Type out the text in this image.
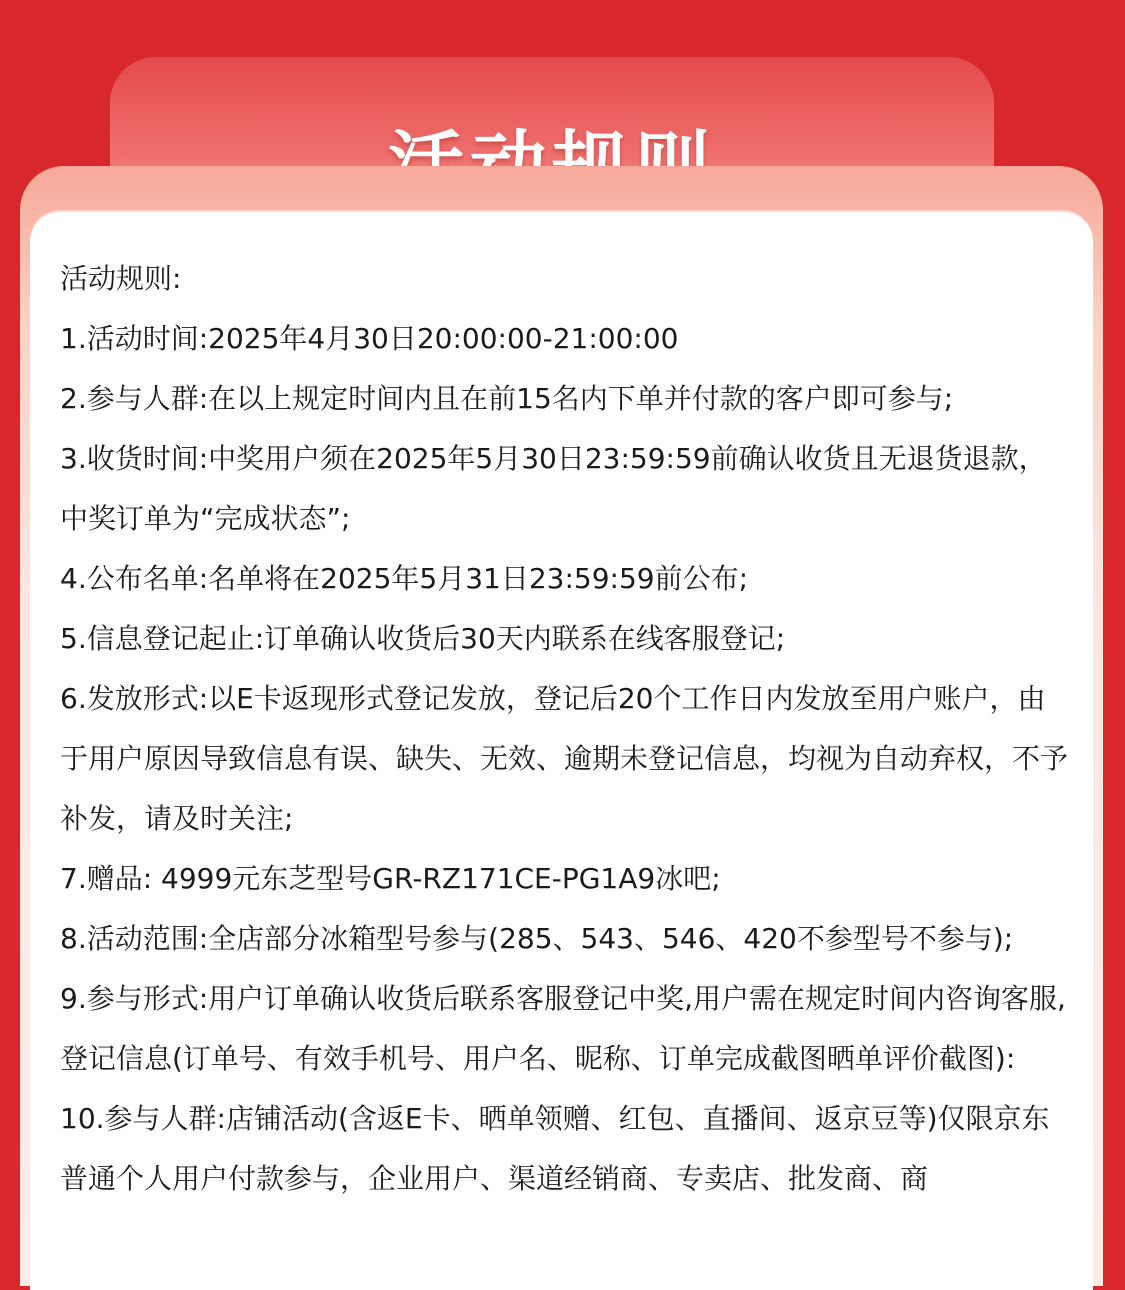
活动规则:

1.活动时间:2025年4月30日20:00:00-21:00:00

2.参与人群:在以上规定时间内且在前15名内下单并付款的客户即可参与;

3.收货时间:中奖用户须在2025年5月30日23:59:59前确认收货且无退货退款，中奖订单为“完成状态”;

4.公布名单:名单将在2025年5月31日23:59:59前公布;

5.信息登记起止:订单确认收货后30天内联系在线客服登记;

6.发放形式:以E卡返现形式登记发放，登记后20个工作日内发放至用户账户，由于用户原因导致信息有误、缺失、无效、逾期未登记信息，均视为自动弃权，不予补发，请及时关注;

7.赠品: 4999元东芝型号GR-RZ171CE-PG1A9冰吧;

8.活动范围:全店部分冰箱型号参与(285、543、546、420不参型号不参与);

9.参与形式:用户订单确认收货后联系客服登记中奖,用户需在规定时间内咨询客服,登记信息(订单号、有效手机号、用户名、昵称、订单完成截图晒单评价截图):

10.参与人群:店铺活动(含返E卡、晒单领赠、红包、直播间、返京豆等)仅限京东普通个人用户付款参与，企业用户、渠道经销商、专卖店、批发商、商
